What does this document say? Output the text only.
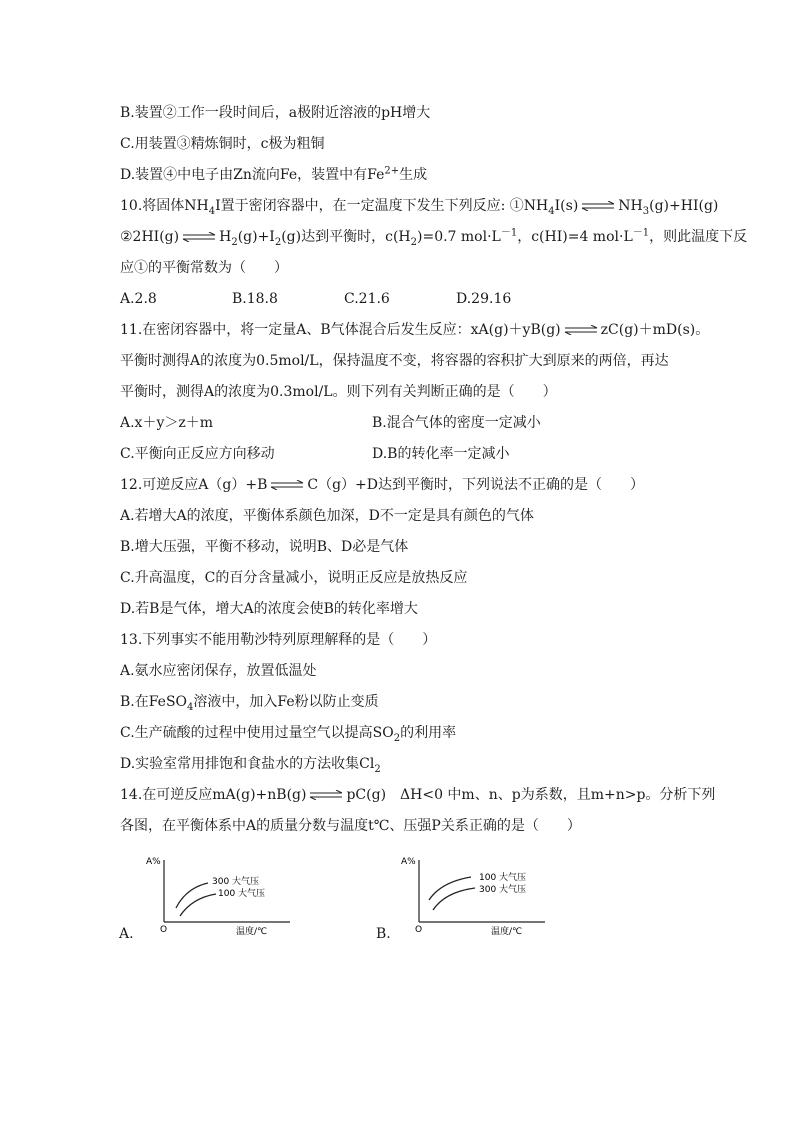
B.装置②工作一段时间后，a极附近溶液的pH增大
C.用装置③精炼铜时，c极为粗铜
D.装置④中电子由Zn流向Fe，装置中有$Fe^{2+}$生成
10.将固体$NH_4I$置于密闭容器中，在一定温度下发生下列反应: $①NH_4I(s)$ ⇌ $NH_3(g)+HI(g)$
②2HI(g) ⇌ $H_2(g)+I_2(g)$达到平衡时，$c(H_2)=0.7$ $mol\cdot L^{-1}$，c(HI)=4 $mol\cdot L^{-1}$，则此温度下反
应①的平衡常数为（　　）
A.2.8	B.18.8	C.21.6	D.29.16
11.在密闭容器中，将一定量A、B气体混合后发生反应：xA(g)＋yB(g) ⇌ zC(g)＋mD(s)。
平衡时测得A的浓度为0.5mol/L，保持温度不变，将容器的容积扩大到原来的两倍，再达
平衡时，测得A的浓度为0.3mol/L。则下列有关判断正确的是（　　）
A.x＋y＞z＋m	B.混合气体的密度一定减小
C.平衡向正反应方向移动	D.B的转化率一定减小
12.可逆反应A（g）+B ⇌ C（g）+D达到平衡时，下列说法不正确的是（　　）
A.若增大A的浓度，平衡体系颜色加深，D不一定是具有颜色的气体
B.增大压强，平衡不移动，说明B、D必是气体
C.升高温度，C的百分含量减小，说明正反应是放热反应
D.若B是气体，增大A的浓度会使B的转化率增大
13.下列事实不能用勒沙特列原理解释的是（　　）
A.氨水应密闭保存，放置低温处
B.在FeSO$_4$溶液中，加入Fe粉以防止变质
C.生产硫酸的过程中使用过量空气以提高$SO_2$的利用率
D.实验室常用排饱和食盐水的方法收集$Cl_2$
14.在可逆反应mA(g)+nB(g) ⇌ pC(g)　ΔH<0 中m、n、p为系数，且m+n>p。分析下列
各图，在平衡体系中A的质量分数与温度t℃、压强P关系正确的是（　　）
A.
A%
O	温度/℃
300 大气压
100 大气压
B.
A%
O	温度/℃
100 大气压
300 大气压
